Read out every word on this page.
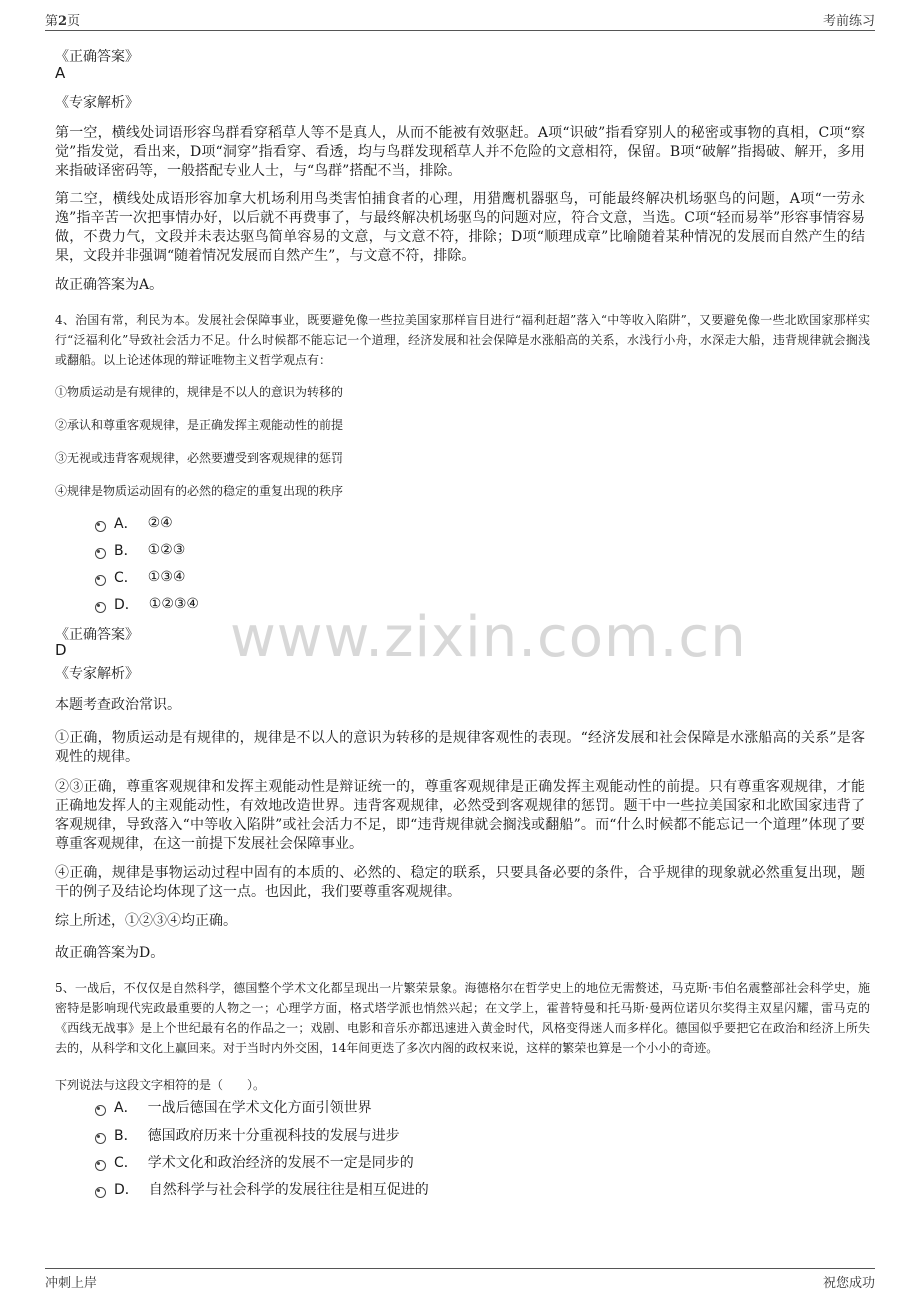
第2页	考前练习
www.zixin.com.cn
《正确答案》
A
《专家解析》
第一空，横线处词语形容鸟群看穿稻草人等不是真人，从而不能被有效驱赶。A项“识破”指看穿别人的秘密或事物的真相，C项“察觉”指发觉，看出来，D项“洞穿”指看穿、看透，均与鸟群发现稻草人并不危险的文意相符，保留。B项“破解”指揭破、解开，多用来指破译密码等，一般搭配专业人士，与“鸟群”搭配不当，排除。
第二空，横线处成语形容加拿大机场利用鸟类害怕捕食者的心理，用猎鹰机器驱鸟，可能最终解决机场驱鸟的问题，A项“一劳永逸”指辛苦一次把事情办好，以后就不再费事了，与最终解决机场驱鸟的问题对应，符合文意，当选。C项“轻而易举”形容事情容易做，不费力气，文段并未表达驱鸟简单容易的文意，与文意不符，排除；D项“顺理成章”比喻随着某种情况的发展而自然产生的结果，文段并非强调“随着情况发展而自然产生”，与文意不符，排除。
故正确答案为A。
4、治国有常，利民为本。发展社会保障事业，既要避免像一些拉美国家那样盲目进行“福利赶超”落入“中等收入陷阱”，又要避免像一些北欧国家那样实行“泛福利化”导致社会活力不足。什么时候都不能忘记一个道理，经济发展和社会保障是水涨船高的关系，水浅行小舟，水深走大船，违背规律就会搁浅或翻船。以上论述体现的辩证唯物主义哲学观点有：
①物质运动是有规律的，规律是不以人的意识为转移的
②承认和尊重客观规律，是正确发挥主观能动性的前提
③无视或违背客观规律，必然要遭受到客观规律的惩罚
④规律是物质运动固有的必然的稳定的重复出现的秩序
A． ②④
B． ①②③
C． ①③④
D． ①②③④
《正确答案》
D
《专家解析》
本题考查政治常识。
①正确，物质运动是有规律的，规律是不以人的意识为转移的是规律客观性的表现。“经济发展和社会保障是水涨船高的关系”是客观性的规律。
②③正确，尊重客观规律和发挥主观能动性是辩证统一的，尊重客观规律是正确发挥主观能动性的前提。只有尊重客观规律，才能正确地发挥人的主观能动性，有效地改造世界。违背客观规律，必然受到客观规律的惩罚。题干中一些拉美国家和北欧国家违背了客观规律，导致落入“中等收入陷阱”或社会活力不足，即“违背规律就会搁浅或翻船”。而“什么时候都不能忘记一个道理”体现了要尊重客观规律，在这一前提下发展社会保障事业。
④正确，规律是事物运动过程中固有的本质的、必然的、稳定的联系，只要具备必要的条件，合乎规律的现象就必然重复出现，题干的例子及结论均体现了这一点。也因此，我们要尊重客观规律。
综上所述，①②③④均正确。
故正确答案为D。
5、一战后，不仅仅是自然科学，德国整个学术文化都呈现出一片繁荣景象。海德格尔在哲学史上的地位无需赘述，马克斯·韦伯名震整部社会科学史，施密特是影响现代宪政最重要的人物之一；心理学方面，格式塔学派也悄然兴起；在文学上，霍普特曼和托马斯·曼两位诺贝尔奖得主双星闪耀，雷马克的《西线无战事》是上个世纪最有名的作品之一；戏剧、电影和音乐亦都迅速进入黄金时代，风格变得迷人而多样化。德国似乎要把它在政治和经济上所失去的，从科学和文化上赢回来。对于当时内外交困，14年间更迭了多次内阁的政权来说，这样的繁荣也算是一个小小的奇迹。
下列说法与这段文字相符的是（　　）。
A． 一战后德国在学术文化方面引领世界
B． 德国政府历来十分重视科技的发展与进步
C． 学术文化和政治经济的发展不一定是同步的
D． 自然科学与社会科学的发展往往是相互促进的
冲刺上岸	祝您成功
